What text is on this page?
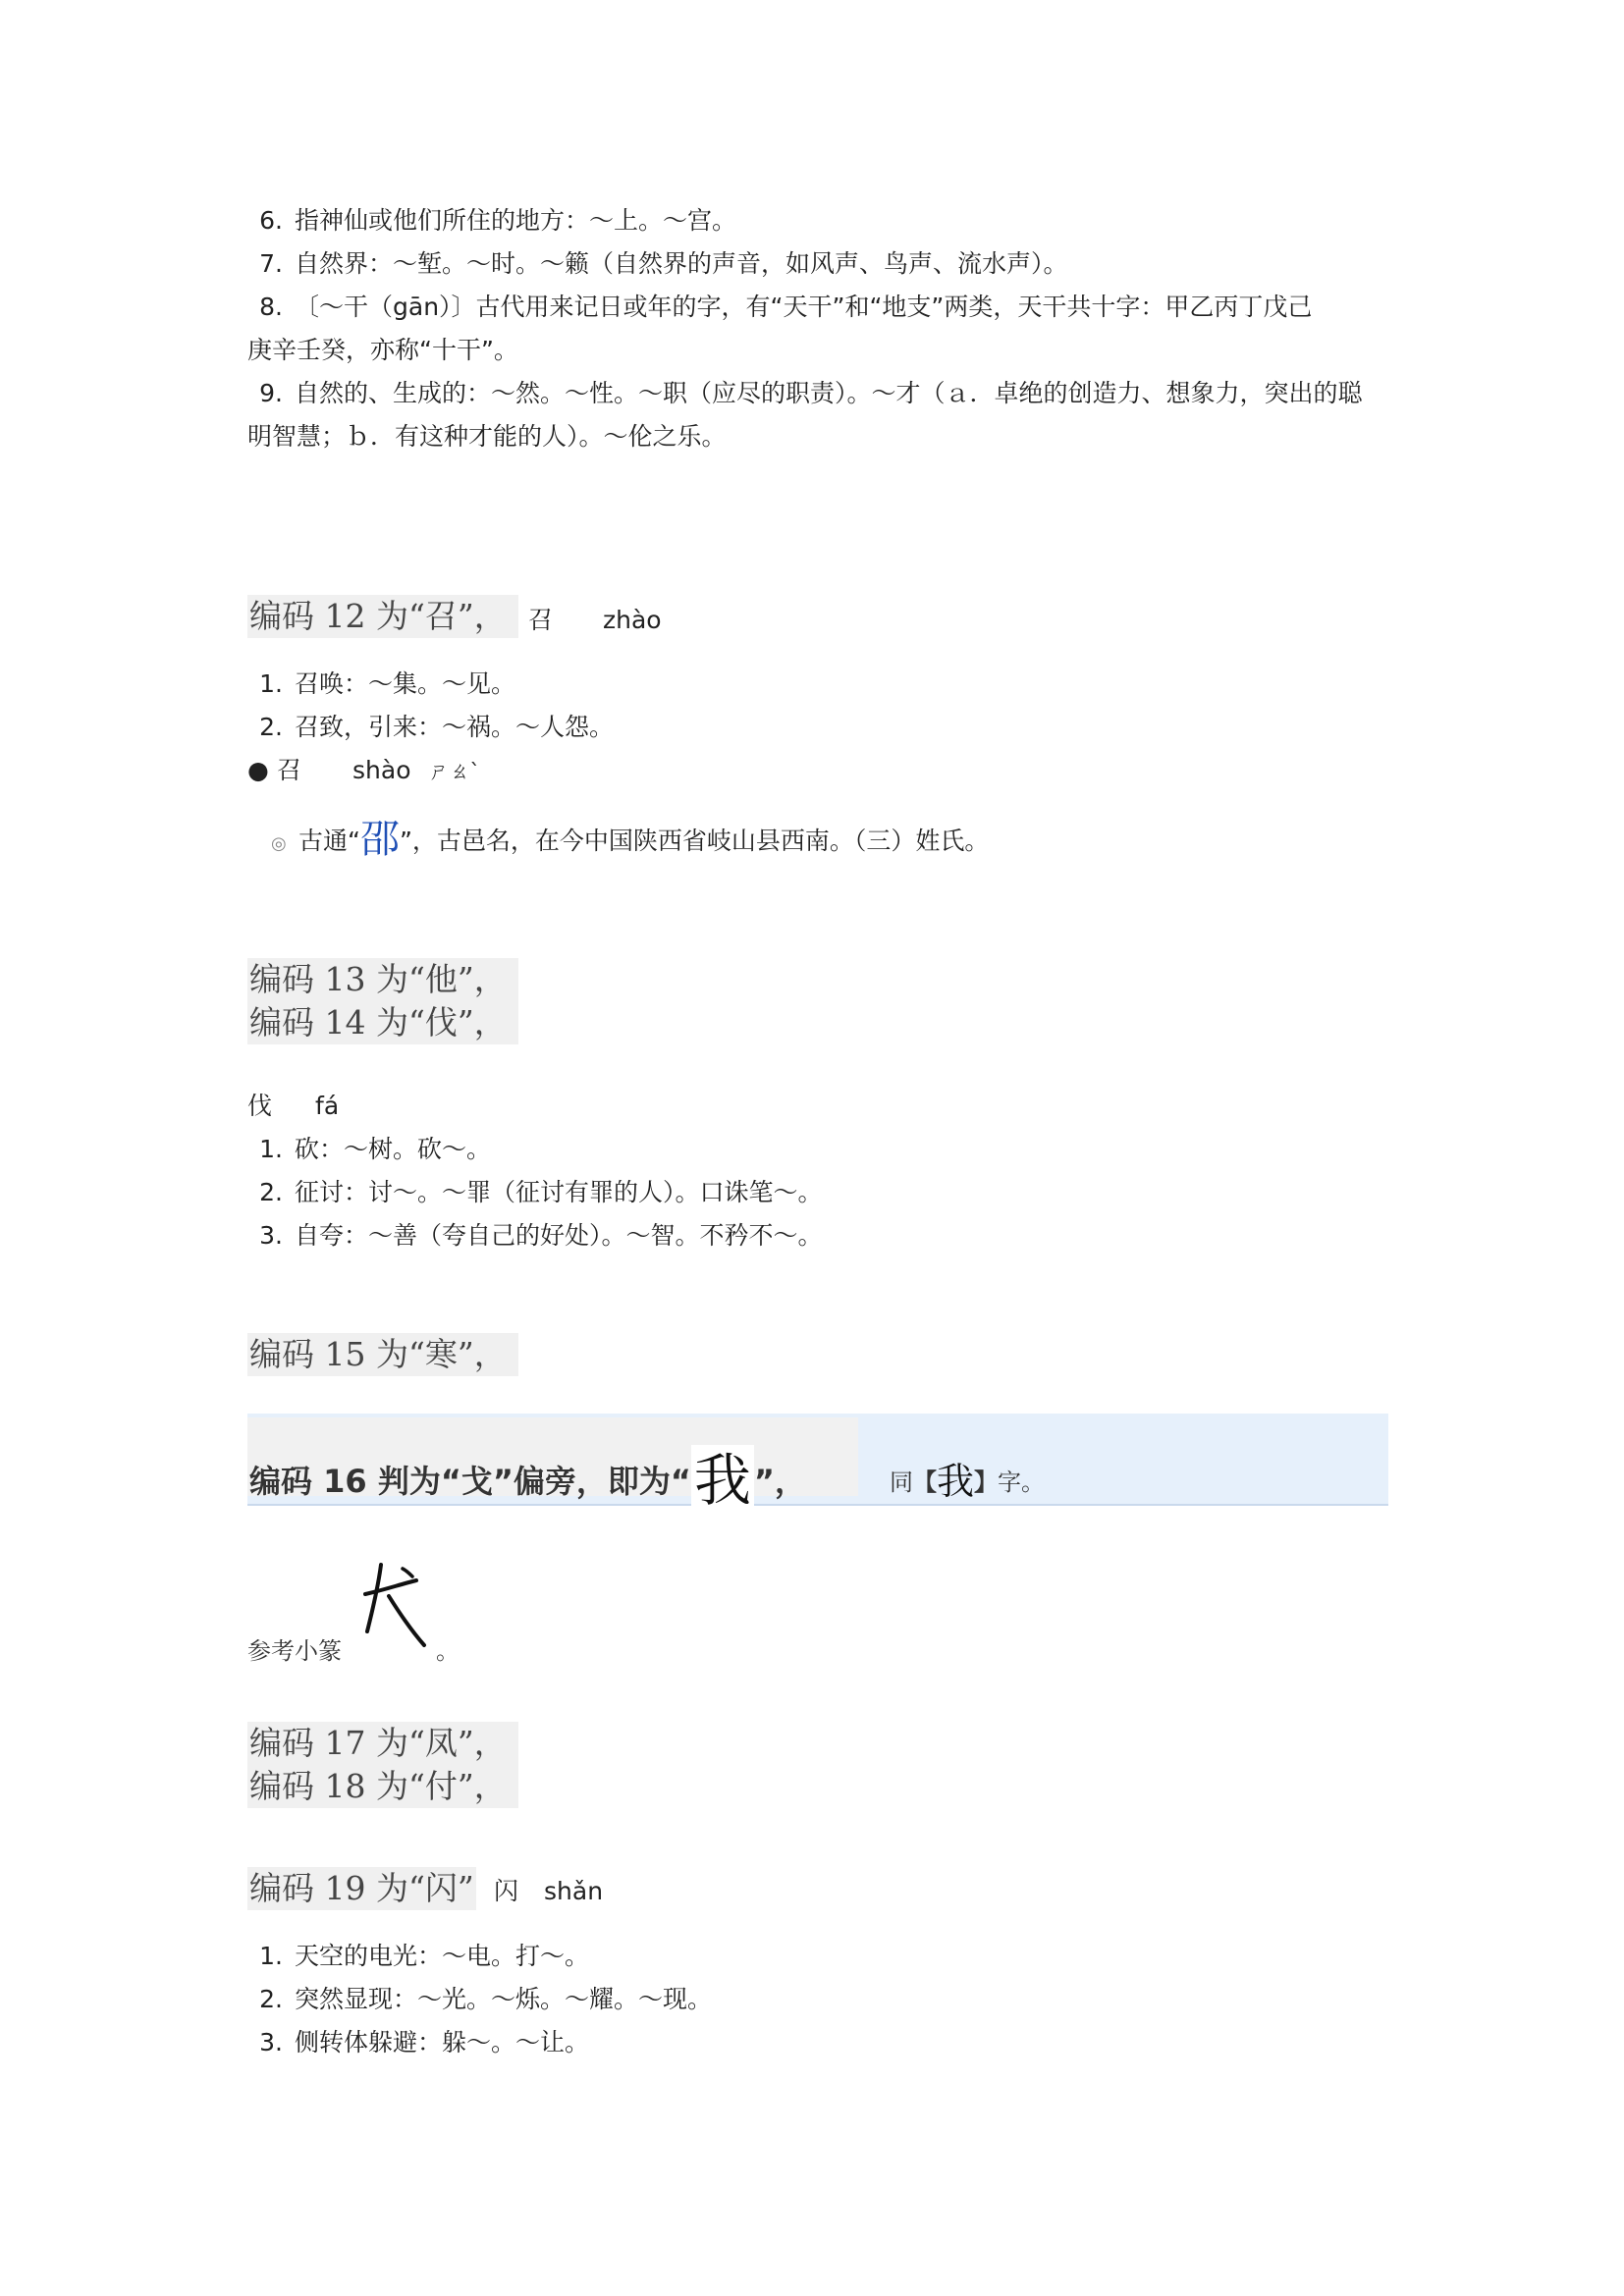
6. 指神仙或他们所住的地方：～上。～宫。
7. 自然界：～堑。～时。～籁（自然界的声音，如风声、鸟声、流水声）。
8. 〔～干（gān）〕古代用来记日或年的字，有“天干”和“地支”两类，天干共十字：甲乙丙丁戊己
庚辛壬癸，亦称“十干”。
9. 自然的、生成的：～然。～性。～职（应尽的职责）。～才（ａ．卓绝的创造力、想象力，突出的聪
明智慧；ｂ．有这种才能的人）。～伦之乐。
编码 12 为“召”， 召 zhào
1. 召唤：～集。～见。
2. 召致，引来：～祸。～人怨。
● 召 shào ㄕㄠˋ
◎ 古通“邵”，古邑名，在今中国陕西省岐山县西南。（三）姓氏。
编码 13 为“他”，
编码 14 为“伐”，
伐 fá
1. 砍：～树。砍～。
2. 征讨：讨～。～罪（征讨有罪的人）。口诛笔～。
3. 自夸：～善（夸自己的好处）。～智。不矜不～。
编码 15 为“寒”，
编码 16 判为“戈”偏旁，即为“我”，	同【我】字。
参考小篆	。
编码 17 为“凤”，
编码 18 为“付”，
编码 19 为“闪” 闪 shǎn
1. 天空的电光：～电。打～。
2. 突然显现：～光。～烁。～耀。～现。
3. 侧转体躲避：躲～。～让。
